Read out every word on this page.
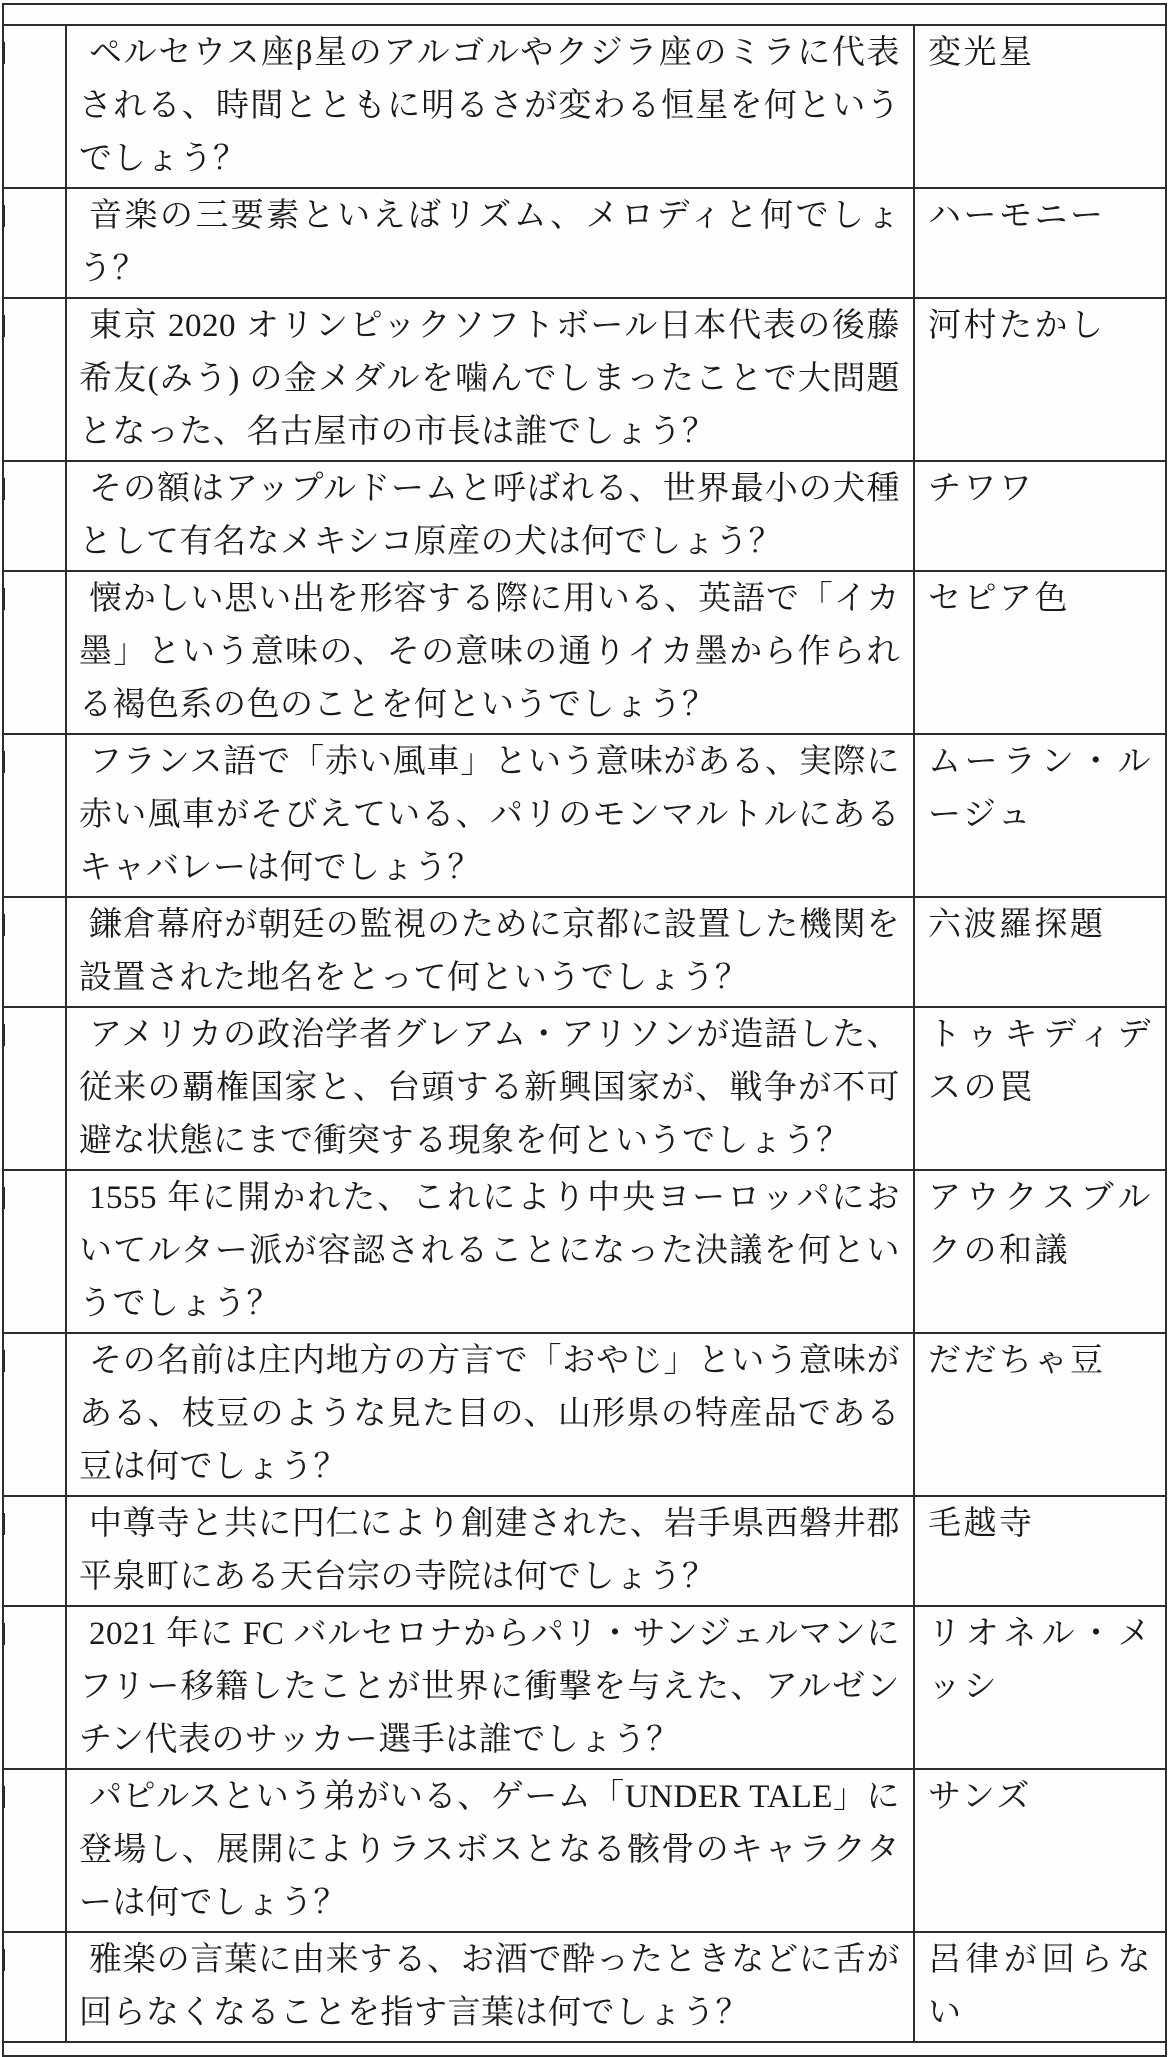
	ペルセウス座β星のアルゴルやクジラ座のミラに代表される、時間とともに明るさが変わる恒星を何というでしょう？	変光星
	音楽の三要素といえばリズム、メロディと何でしょう？	ハーモニー
	東京 2020 オリンピックソフトボール日本代表の後藤希友(みう) の金メダルを噛んでしまったことで大問題となった、名古屋市の市長は誰でしょう？	河村たかし
	その額はアップルドームと呼ばれる、世界最小の犬種として有名なメキシコ原産の犬は何でしょう？	チワワ
	懐かしい思い出を形容する際に用いる、英語で「イカ墨」という意味の、その意味の通りイカ墨から作られる褐色系の色のことを何というでしょう？	セピア色
	フランス語で「赤い風車」という意味がある、実際に赤い風車がそびえている、パリのモンマルトルにあるキャバレーは何でしょう？	ムーラン・ルージュ
	鎌倉幕府が朝廷の監視のために京都に設置した機関を設置された地名をとって何というでしょう？	六波羅探題
	アメリカの政治学者グレアム・アリソンが造語した、従来の覇権国家と、台頭する新興国家が、戦争が不可避な状態にまで衝突する現象を何というでしょう？	トゥキディデスの罠
	1555 年に開かれた、これにより中央ヨーロッパにおいてルター派が容認されることになった決議を何というでしょう？	アウクスブルクの和議
	その名前は庄内地方の方言で「おやじ」という意味がある、枝豆のような見た目の、山形県の特産品である豆は何でしょう？	だだちゃ豆
	中尊寺と共に円仁により創建された、岩手県西磐井郡平泉町にある天台宗の寺院は何でしょう？	毛越寺
	2021 年に FC バルセロナからパリ・サンジェルマンにフリー移籍したことが世界に衝撃を与えた、アルゼンチン代表のサッカー選手は誰でしょう？	リオネル・メッシ
	パピルスという弟がいる、ゲーム「UNDER TALE」に登場し、展開によりラスボスとなる骸骨のキャラクターは何でしょう？	サンズ
	雅楽の言葉に由来する、お酒で酔ったときなどに舌が回らなくなることを指す言葉は何でしょう？	呂律が回らない
